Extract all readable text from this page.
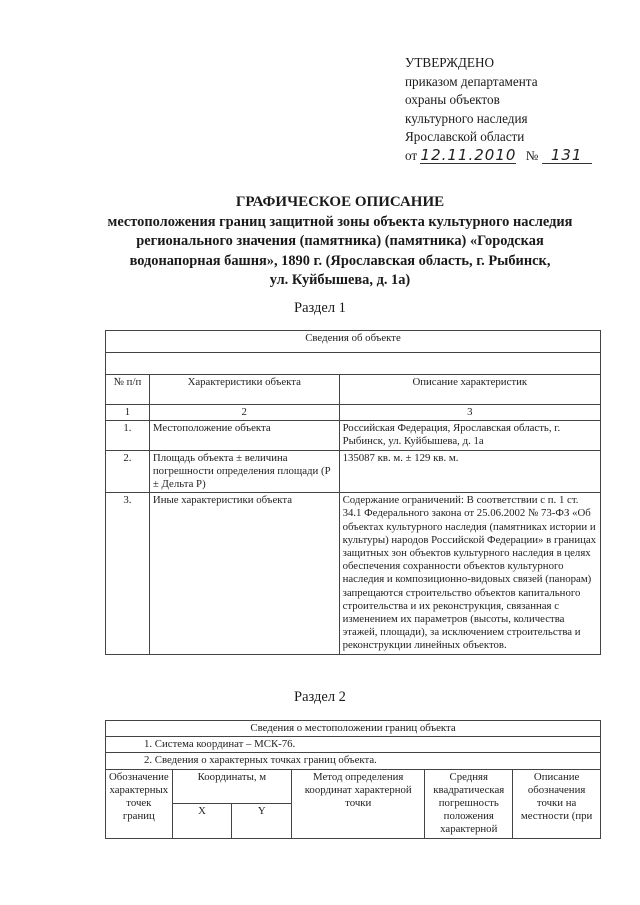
УТВЕРЖДЕНО
приказом департамента
охраны объектов
культурного наследия
Ярославской области
от 12.11.2010 № 131
ГРАФИЧЕСКОЕ ОПИСАНИЕ
местоположения границ защитной зоны объекта культурного наследия
регионального значения (памятника) (памятника) «Городская
водонапорная башня», 1890 г. (Ярославская область, г. Рыбинск,
ул. Куйбышева, д. 1а)
Раздел 1
Сведения об объекте		

№ п/п	Характеристики объекта	Описание характеристик
1	2	3
1.	Местоположение объекта	Российская Федерация, Ярославская область, г. Рыбинск, ул. Куйбышева, д. 1а
2.	Площадь объекта ± величина погрешности определения площади (Р ± Дельта Р)	135087 кв. м. ± 129 кв. м.
3.	Иные характеристики объекта	Содержание ограничений: В соответствии с п. 1 ст. 34.1 Федерального закона от 25.06.2002 № 73-ФЗ «Об объектах культурного наследия (памятниках истории и культуры) народов Российской Федерации» в границах защитных зон объектов культурного наследия в целях обеспечения сохранности объектов культурного наследия и композиционно-видовых связей (панорам) запрещаются строительство объектов капитального строительства и их реконструкция, связанная с изменением их параметров (высоты, количества этажей, площади), за исключением строительства и реконструкции линейных объектов.
Раздел 2
Сведения о местоположении границ объекта					
1. Система координат – МСК-76.					
2. Сведения о характерных точках границ объекта.					
Обозначение характерных точек границ	Координаты, м		Метод определения координат характерной точки	Средняя квадратическая погрешность положения характерной	Описание обозначения точки на местности (при
	X	Y			
